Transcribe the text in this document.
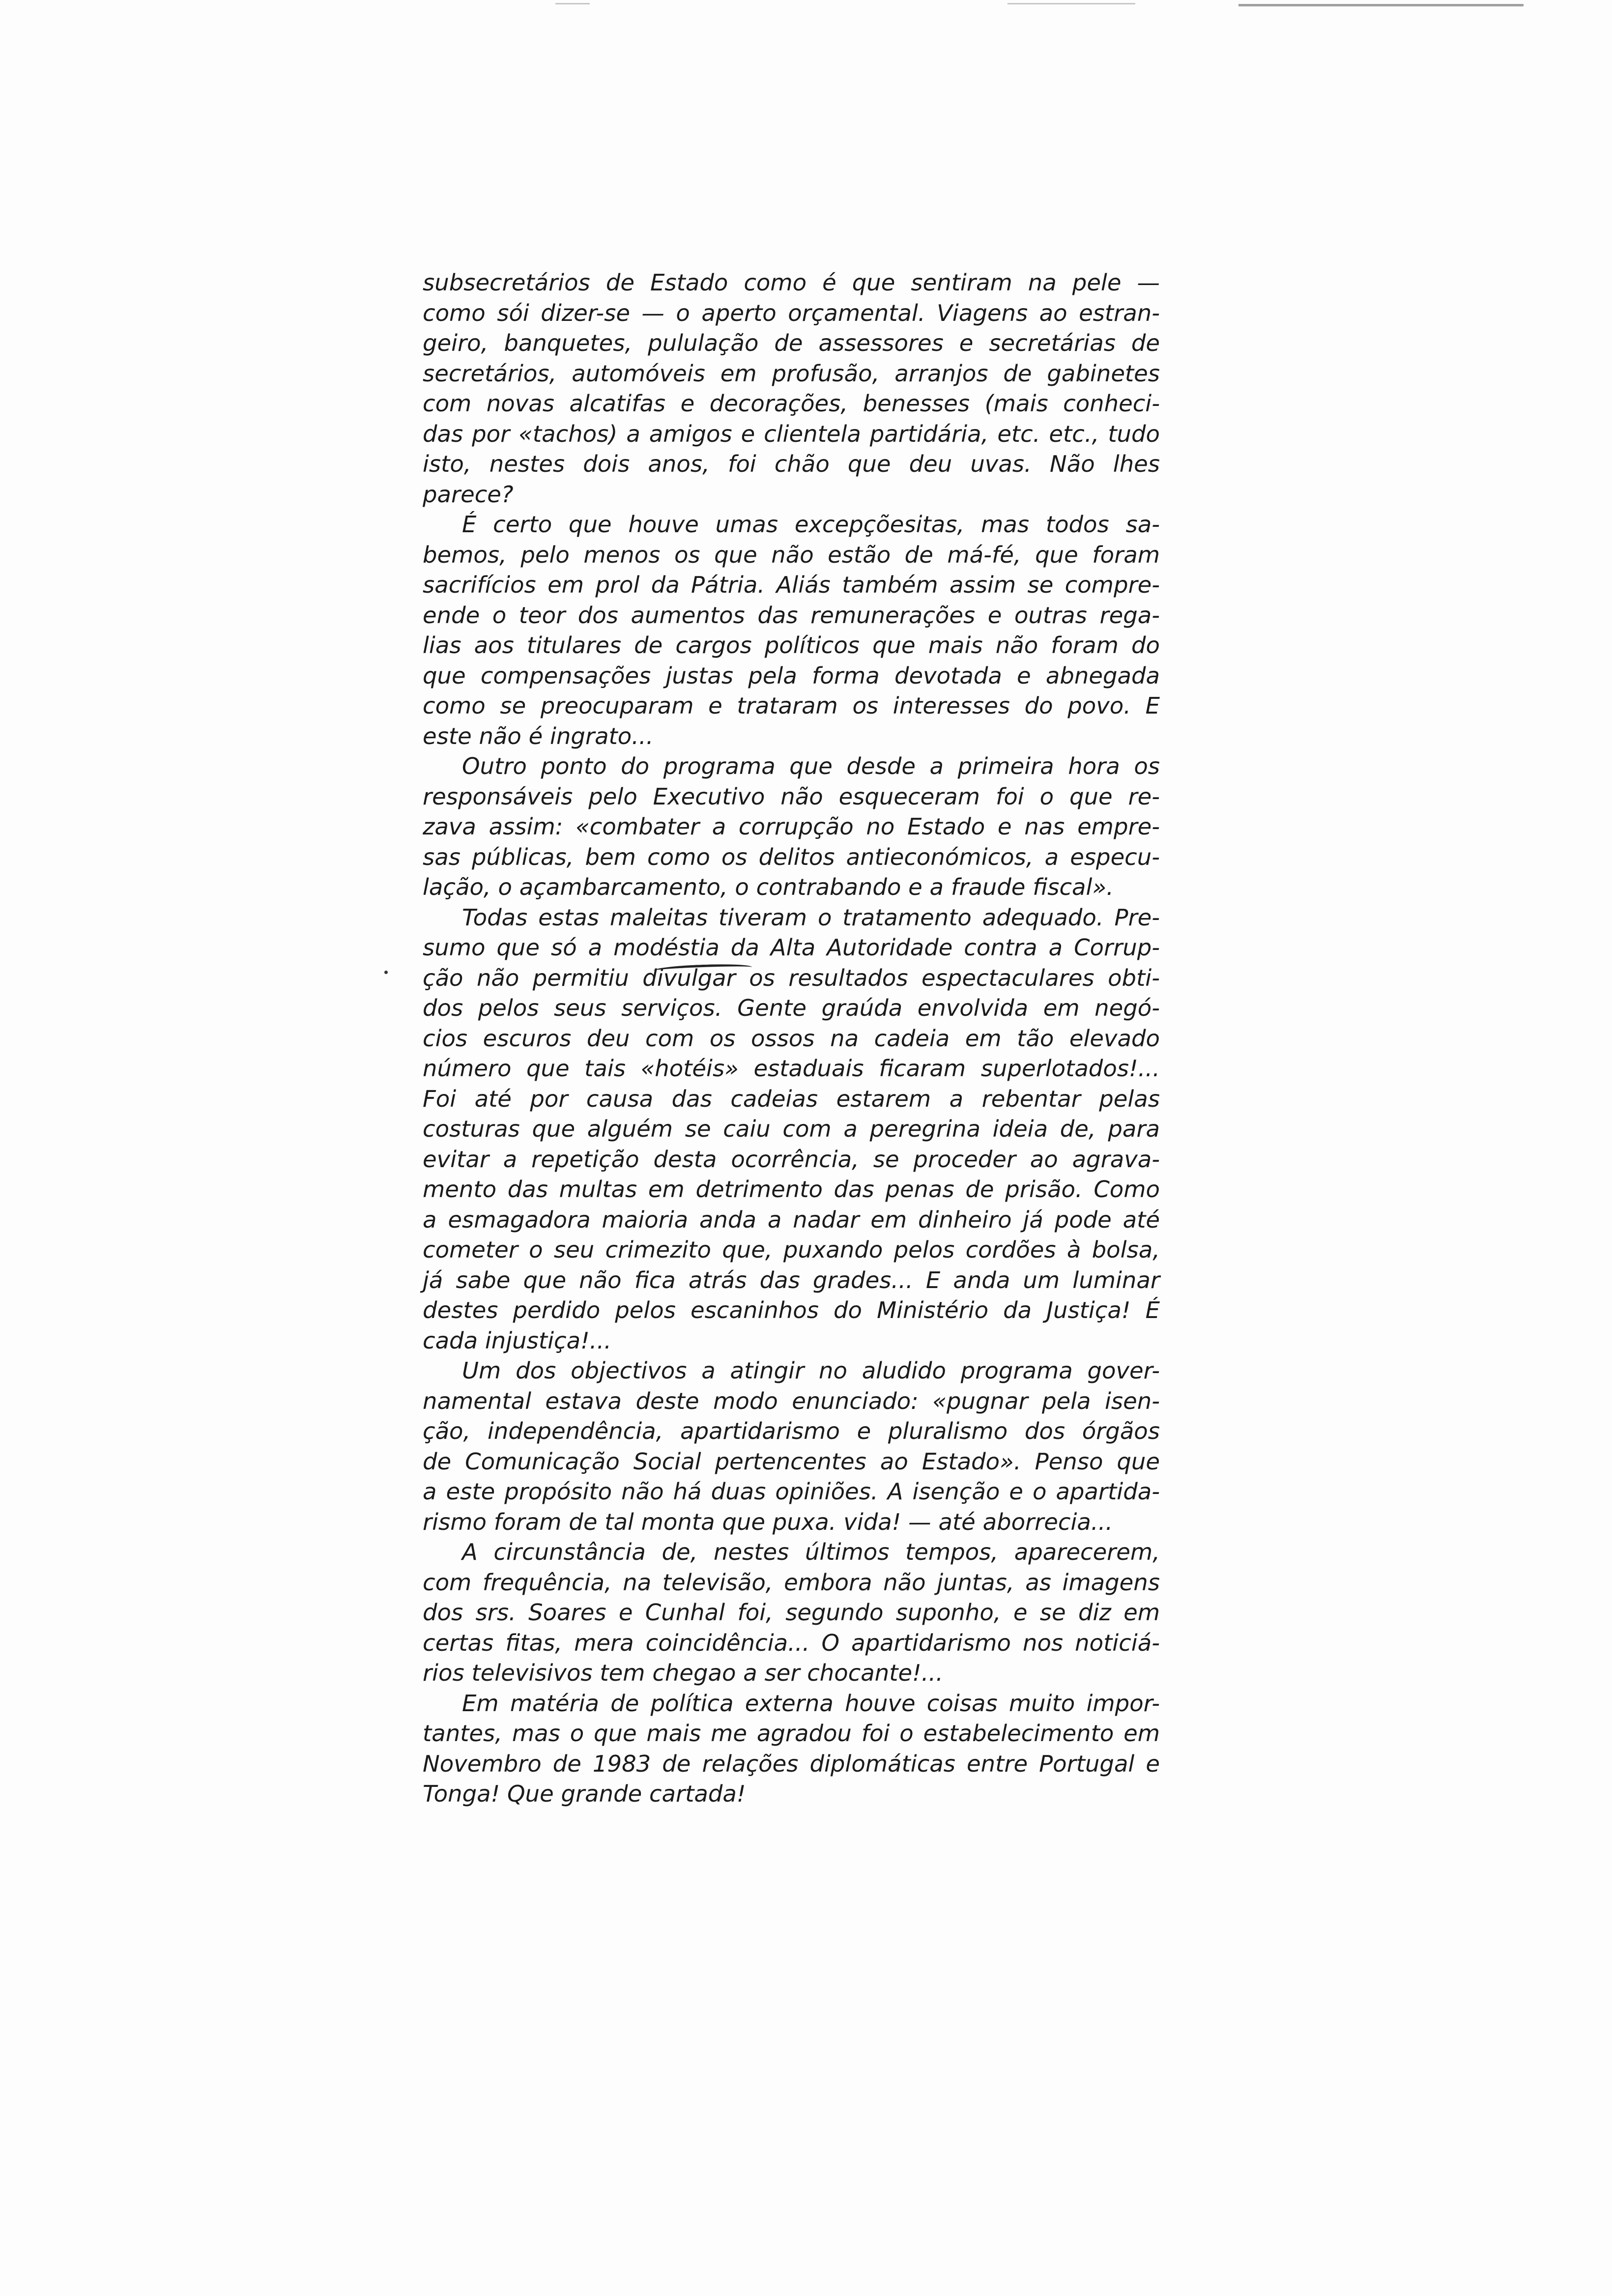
subsecretários de Estado como é que sentiram na pele —
como sói dizer-se — o aperto orçamental. Viagens ao estran-
geiro, banquetes, pululação de assessores e secretárias de
secretários, automóveis em profusão, arranjos de gabinetes
com novas alcatifas e decorações, benesses (mais conheci-
das por «tachos) a amigos e clientela partidária, etc. etc., tudo
isto, nestes dois anos, foi chão que deu uvas. Não lhes
parece?
É certo que houve umas excepçõesitas, mas todos sa-
bemos, pelo menos os que não estão de má-fé, que foram
sacrifícios em prol da Pátria. Aliás também assim se compre-
ende o teor dos aumentos das remunerações e outras rega-
lias aos titulares de cargos políticos que mais não foram do
que compensações justas pela forma devotada e abnegada
como se preocuparam e trataram os interesses do povo. E
este não é ingrato...
Outro ponto do programa que desde a primeira hora os
responsáveis pelo Executivo não esqueceram foi o que re-
zava assim: «combater a corrupção no Estado e nas empre-
sas públicas, bem como os delitos antieconómicos, a especu-
lação, o açambarcamento, o contrabando e a fraude fiscal».
Todas estas maleitas tiveram o tratamento adequado. Pre-
sumo que só a modéstia da Alta Autoridade contra a Corrup-
ção não permitiu divulgar os resultados espectaculares obti-
dos pelos seus serviços. Gente graúda envolvida em negó-
cios escuros deu com os ossos na cadeia em tão elevado
número que tais «hotéis» estaduais ficaram superlotados!...
Foi até por causa das cadeias estarem a rebentar pelas
costuras que alguém se caiu com a peregrina ideia de, para
evitar a repetição desta ocorrência, se proceder ao agrava-
mento das multas em detrimento das penas de prisão. Como
a esmagadora maioria anda a nadar em dinheiro já pode até
cometer o seu crimezito que, puxando pelos cordões à bolsa,
já sabe que não fica atrás das grades... E anda um luminar
destes perdido pelos escaninhos do Ministério da Justiça! É
cada injustiça!...
Um dos objectivos a atingir no aludido programa gover-
namental estava deste modo enunciado: «pugnar pela isen-
ção, independência, apartidarismo e pluralismo dos órgãos
de Comunicação Social pertencentes ao Estado». Penso que
a este propósito não há duas opiniões. A isenção e o apartida-
rismo foram de tal monta que puxa. vida! — até aborrecia...
A circunstância de, nestes últimos tempos, aparecerem,
com frequência, na televisão, embora não juntas, as imagens
dos srs. Soares e Cunhal foi, segundo suponho, e se diz em
certas fitas, mera coincidência... O apartidarismo nos noticiá-
rios televisivos tem chegao a ser chocante!...
Em matéria de política externa houve coisas muito impor-
tantes, mas o que mais me agradou foi o estabelecimento em
Novembro de 1983 de relações diplomáticas entre Portugal e
Tonga! Que grande cartada!
